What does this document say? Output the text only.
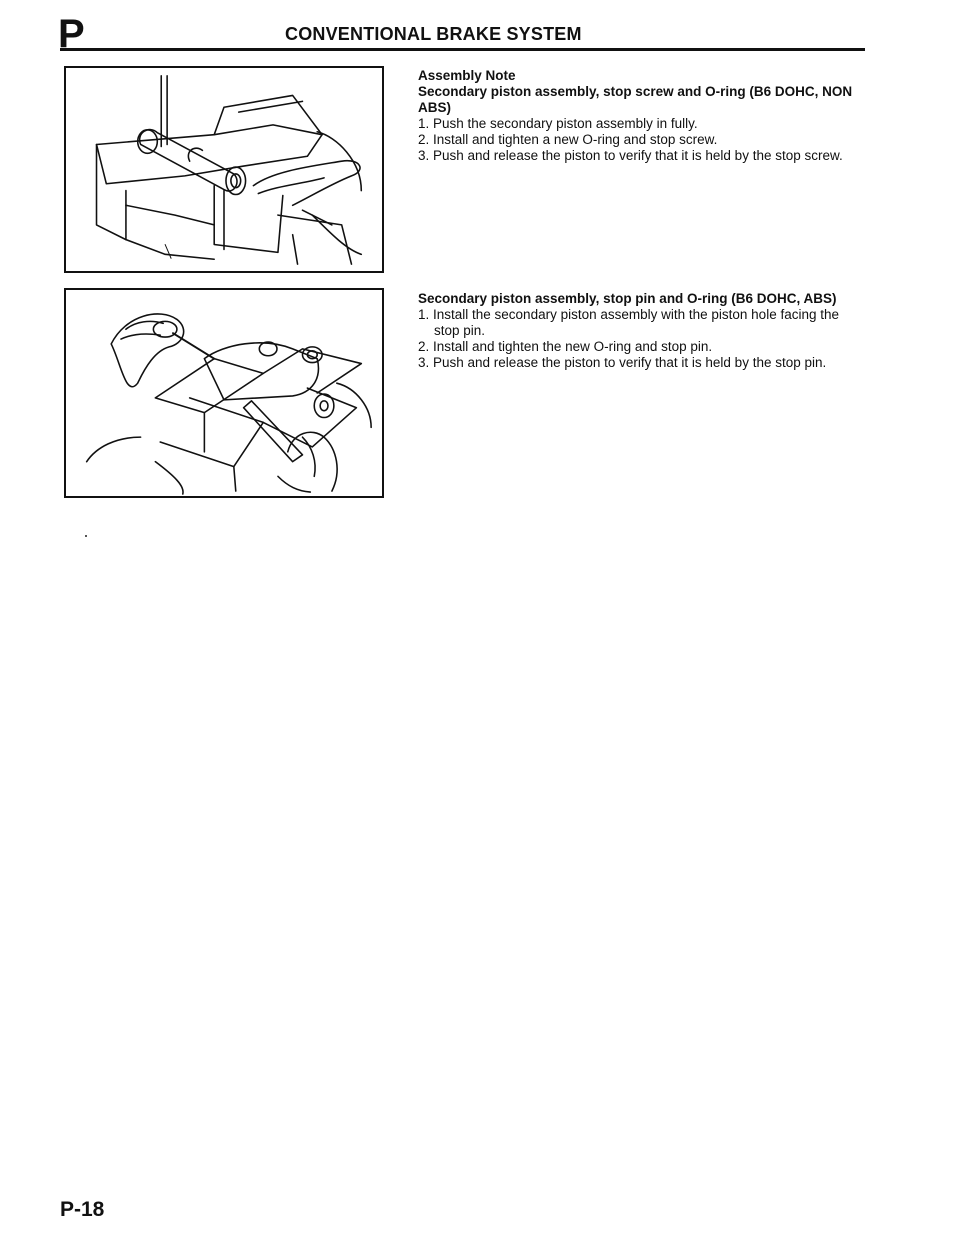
P	CONVENTIONAL BRAKE SYSTEM
Assembly Note
Secondary piston assembly, stop screw and O-ring (B6 DOHC, NON ABS)
1. Push the secondary piston assembly in fully.
2. Install and tighten a new O-ring and stop screw.
3. Push and release the piston to verify that it is held by the stop screw.
Secondary piston assembly, stop pin and O-ring (B6 DOHC, ABS)
1. Install the secondary piston assembly with the piston hole facing the stop pin.
2. Install and tighten the new O-ring and stop pin.
3. Push and release the piston to verify that it is held by the stop pin.
P-18
